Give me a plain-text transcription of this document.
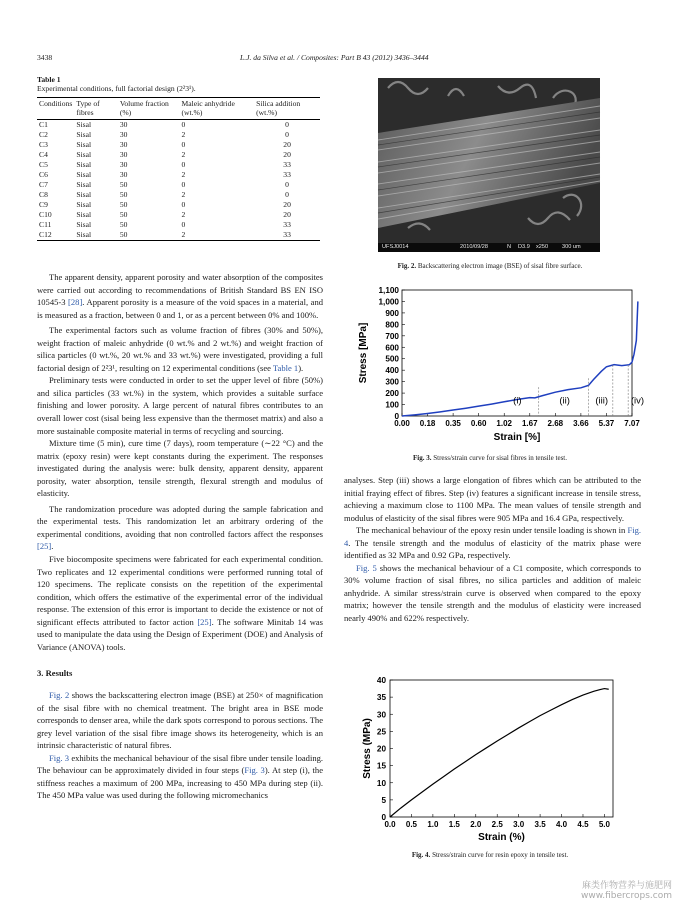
3438	L.J. da Silva et al. / Composites: Part B 43 (2012) 3436–3444
Table 1
Experimental conditions, full factorial design (2²3¹).
Conditions	Type of fibres	Volume fraction (%)	Maleic anhydride (wt.%)	Silica addition (wt.%)
C1	Sisal	30	0	0
C2	Sisal	30	2	0
C3	Sisal	30	0	20
C4	Sisal	30	2	20
C5	Sisal	30	0	33
C6	Sisal	30	2	33
C7	Sisal	50	0	0
C8	Sisal	50	2	0
C9	Sisal	50	0	20
C10	Sisal	50	2	20
C11	Sisal	50	0	33
C12	Sisal	50	2	33

The apparent density, apparent porosity and water absorption of the composites were carried out according to recommendations of British Standard BS EN ISO 10545-3 [28]. Apparent porosity is a measure of the void spaces in a material, and is measured as a fraction, between 0 and 1, or as a percent between 0% and 100%.

The experimental factors such as volume fraction of fibres (30% and 50%), weight fraction of maleic anhydride (0 wt.% and 2 wt.%) and weight fraction of silica particles (0 wt.%, 20 wt.% and 33 wt.%) were investigated, providing a full factorial design of 2²3¹, resulting on 12 experimental conditions (see Table 1).

Preliminary tests were conducted in order to set the upper level of fibre (50%) and silica particles (33 wt.%) in the system, which provides a suitable surface finishing and lower porosity. A large percent of natural fibres contributes to an overall lower cost (sisal being less expensive than the thermoset matrix) and also a more sustainable composite material in terms of recycling and sourcing.

Mixture time (5 min), cure time (7 days), room temperature (∼22 °C) and the matrix (epoxy resin) were kept constants during the experiment. The responses investigated during the analysis were: bulk density, apparent density, apparent porosity, water absorption, tensile strength, flexural strength and modulus of elasticity.

The randomization procedure was adopted during the sample fabrication and the experimental tests. This randomization let an arbitrary ordering of the experimental conditions, avoiding that non controlled factors affect the responses [25].

Five biocomposite specimens were fabricated for each experimental condition. Two replicates and 12 experimental conditions were performed running total of 120 specimens. The replicate consists on the repetition of the experimental condition, which offers the estimative of the experimental error of the individual response. The extension of this error is important to decide the existence or not of significant effects attributed to factor action [25]. The software Minitab 14 was used to manipulate the data using the Design of Experiment (DOE) and Analysis of Variance (ANOVA) tools.

3. Results

Fig. 2 shows the backscattering electron image (BSE) at 250× of magnification of the sisal fibre with no chemical treatment. The bright area in BSE mode corresponds to denser area, while the dark spots correspond to porous sections. The grey level variation of the sisal fibre image shows its heterogeneity, which is an intrinsic characteristic of natural fibres.

Fig. 3 exhibits the mechanical behaviour of the sisal fibre under tensile loading. The behaviour can be approximately divided in four steps (Fig. 3). At step (i), the stiffness reaches a maximum of 200 MPa, increasing to 450 MPa during step (ii). The 450 MPa value was used during the following micromechanics

UFSJ0014	2010/09/28	N D3.9 x250 300 um
Fig. 2. Backscattering electron image (BSE) of sisal fibre surface.
0
100
200
300
400
500
600
700
800
900
1,000
1,100
0.00 0.18 0.35 0.60 1.02 1.67 2.68 3.66 5.37 7.07
(i)	(ii)	(iii) (iv)
Strain [%]
Stress [MPa]
Fig. 3. Stress/strain curve for sisal fibres in tensile test.

analyses. Step (iii) shows a large elongation of fibres which can be attributed to the initial fraying effect of fibres. Step (iv) features a significant increase in tensile stress, achieving a maximum close to 1100 MPa. The mean values of tensile strength and modulus of elasticity of the sisal fibres were 905 MPa and 16.4 GPa, respectively.

The mechanical behaviour of the epoxy resin under tensile loading is shown in Fig. 4. The tensile strength and the modulus of elasticity of the matrix phase were identified as 32 MPa and 0.92 GPa, respectively.

Fig. 5 shows the mechanical behaviour of a C1 composite, which corresponds to 30% volume fraction of sisal fibres, no silica particles and addition of maleic anhydride. A similar stress/strain curve is observed when compared to the epoxy matrix; however the tensile strength and the modulus of elasticity were increased nearly 490% and 622% respectively.

0
5
10
15
20
25
30
35
40
0.0 0.5 1.0 1.5 2.0 2.5 3.0 3.5 4.0 4.5 5.0
Strain (%)
Stress (MPa)
Fig. 4. Stress/strain curve for resin epoxy in tensile test.
麻类作物营养与施肥网
www.fibercrops.com
